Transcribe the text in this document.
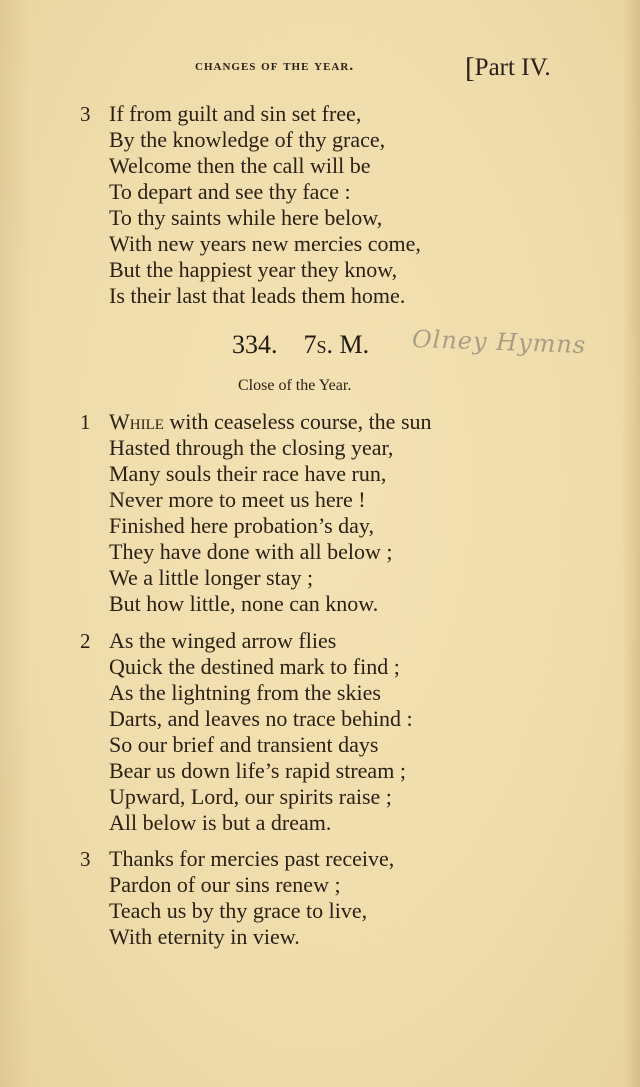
changes of the year.	[Part IV.
3 If from guilt and sin set free,
By the knowledge of thy grace,
Welcome then the call will be
To depart and see thy face :
To thy saints while here below,
With new years new mercies come,
But the happiest year they know,
Is their last that leads them home.
334. 7s. M. Olney Hymns
Close of the Year.
1 While with ceaseless course, the sun
Hasted through the closing year,
Many souls their race have run,
Never more to meet us here !
Finished here probation’s day,
They have done with all below ;
We a little longer stay ;
But how little, none can know.
2 As the winged arrow flies
Quick the destined mark to find ;
As the lightning from the skies
Darts, and leaves no trace behind :
So our brief and transient days
Bear us down life’s rapid stream ;
Upward, Lord, our spirits raise ;
All below is but a dream.
3 Thanks for mercies past receive,
Pardon of our sins renew ;
Teach us by thy grace to live,
With eternity in view.
